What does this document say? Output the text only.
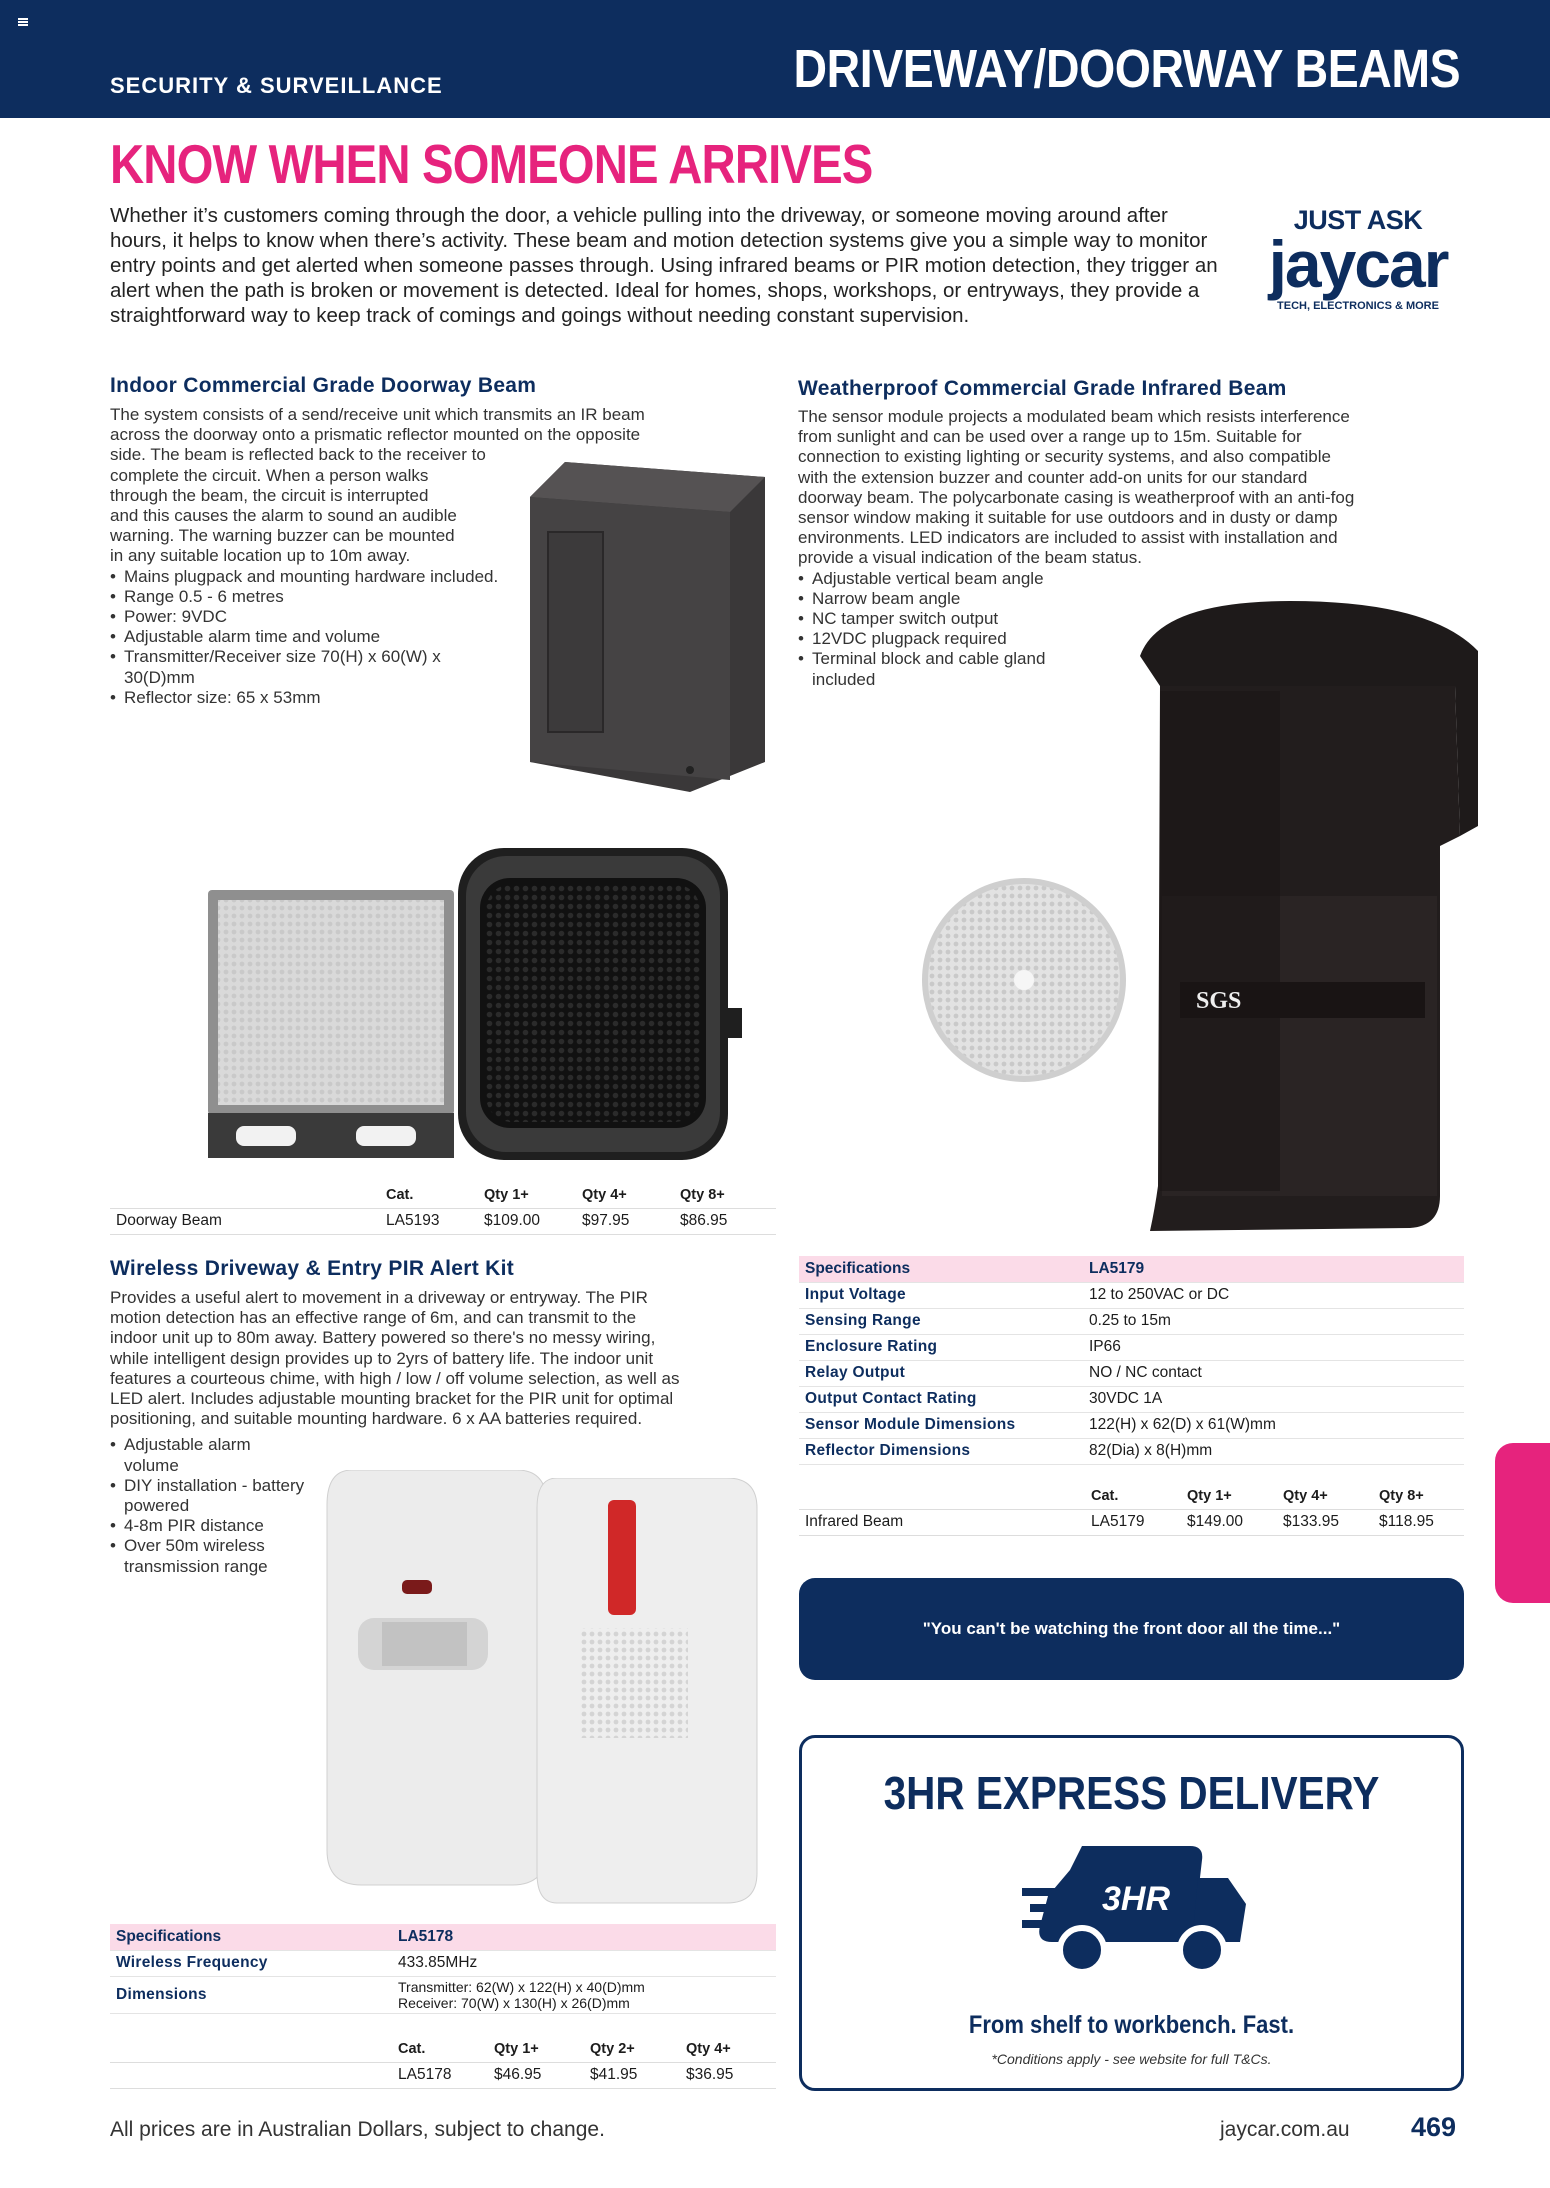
SECURITY & SURVEILLANCE	DRIVEWAY/DOORWAY BEAMS
KNOW WHEN SOMEONE ARRIVES
Whether it’s customers coming through the door, a vehicle pulling into the driveway, or someone moving around after hours, it helps to know when there’s activity. These beam and motion detection systems give you a simple way to monitor entry points and get alerted when someone passes through. Using infrared beams or PIR motion detection, they trigger an alert when the path is broken or movement is detected. Ideal for homes, shops, workshops, or entryways, they provide a straightforward way to keep track of comings and goings without needing constant supervision.
JUST ASK
jaycar
TECH, ELECTRONICS & MORE
Indoor Commercial Grade Doorway Beam
The system consists of a send/receive unit which transmits an IR beam
across the doorway onto a prismatic reflector mounted on the opposite
side. The beam is reflected back to the receiver to
complete the circuit. When a person walks
through the beam, the circuit is interrupted
and this causes the alarm to sound an audible
warning. The warning buzzer can be mounted
in any suitable location up to 10m away.
• Mains plugpack and mounting hardware included.
• Range 0.5 - 6 metres
• Power: 9VDC
• Adjustable alarm time and volume
• Transmitter/Receiver size 70(H) x 60(W) x 30(D)mm
• Reflector size: 65 x 53mm
	Cat.	Qty 1+	Qty 4+	Qty 8+
Doorway Beam	LA5193	$109.00	$97.95	$86.95
Wireless Driveway & Entry PIR Alert Kit
Provides a useful alert to movement in a driveway or entryway. The PIR
motion detection has an effective range of 6m, and can transmit to the
indoor unit up to 80m away. Battery powered so there's no messy wiring,
while intelligent design provides up to 2yrs of battery life. The indoor unit
features a courteous chime, with high / low / off volume selection, as well as
LED alert. Includes adjustable mounting bracket for the PIR unit for optimal
positioning, and suitable mounting hardware. 6 x AA batteries required.
• Adjustable alarm volume
• DIY installation - battery powered
• 4-8m PIR distance
• Over 50m wireless transmission range
Specifications	LA5178
Wireless Frequency	433.85MHz
Dimensions	Transmitter: 62(W) x 122(H) x 40(D)mm
Receiver: 70(W) x 130(H) x 26(D)mm
	Cat.	Qty 1+	Qty 2+	Qty 4+
	LA5178	$46.95	$41.95	$36.95
Weatherproof Commercial Grade Infrared Beam
The sensor module projects a modulated beam which resists interference
from sunlight and can be used over a range up to 15m. Suitable for
connection to existing lighting or security systems, and also compatible
with the extension buzzer and counter add-on units for our standard
doorway beam. The polycarbonate casing is weatherproof with an anti-fog
sensor window making it suitable for use outdoors and in dusty or damp
environments. LED indicators are included to assist with installation and
provide a visual indication of the beam status.
• Adjustable vertical beam angle
• Narrow beam angle
• NC tamper switch output
• 12VDC plugpack required
• Terminal block and cable gland included
SGS
Specifications	LA5179
Input Voltage	12 to 250VAC or DC
Sensing Range	0.25 to 15m
Enclosure Rating	IP66
Relay Output	NO / NC contact
Output Contact Rating	30VDC 1A
Sensor Module Dimensions	122(H) x 62(D) x 61(W)mm
Reflector Dimensions	82(Dia) x 8(H)mm
	Cat.	Qty 1+	Qty 4+	Qty 8+
Infrared Beam	LA5179	$149.00	$133.95	$118.95
"You can't be watching the front door all the time..."
3HR EXPRESS DELIVERY
3HR
From shelf to workbench. Fast.
*Conditions apply - see website for full T&Cs.
All prices are in Australian Dollars, subject to change.	jaycar.com.au 469
